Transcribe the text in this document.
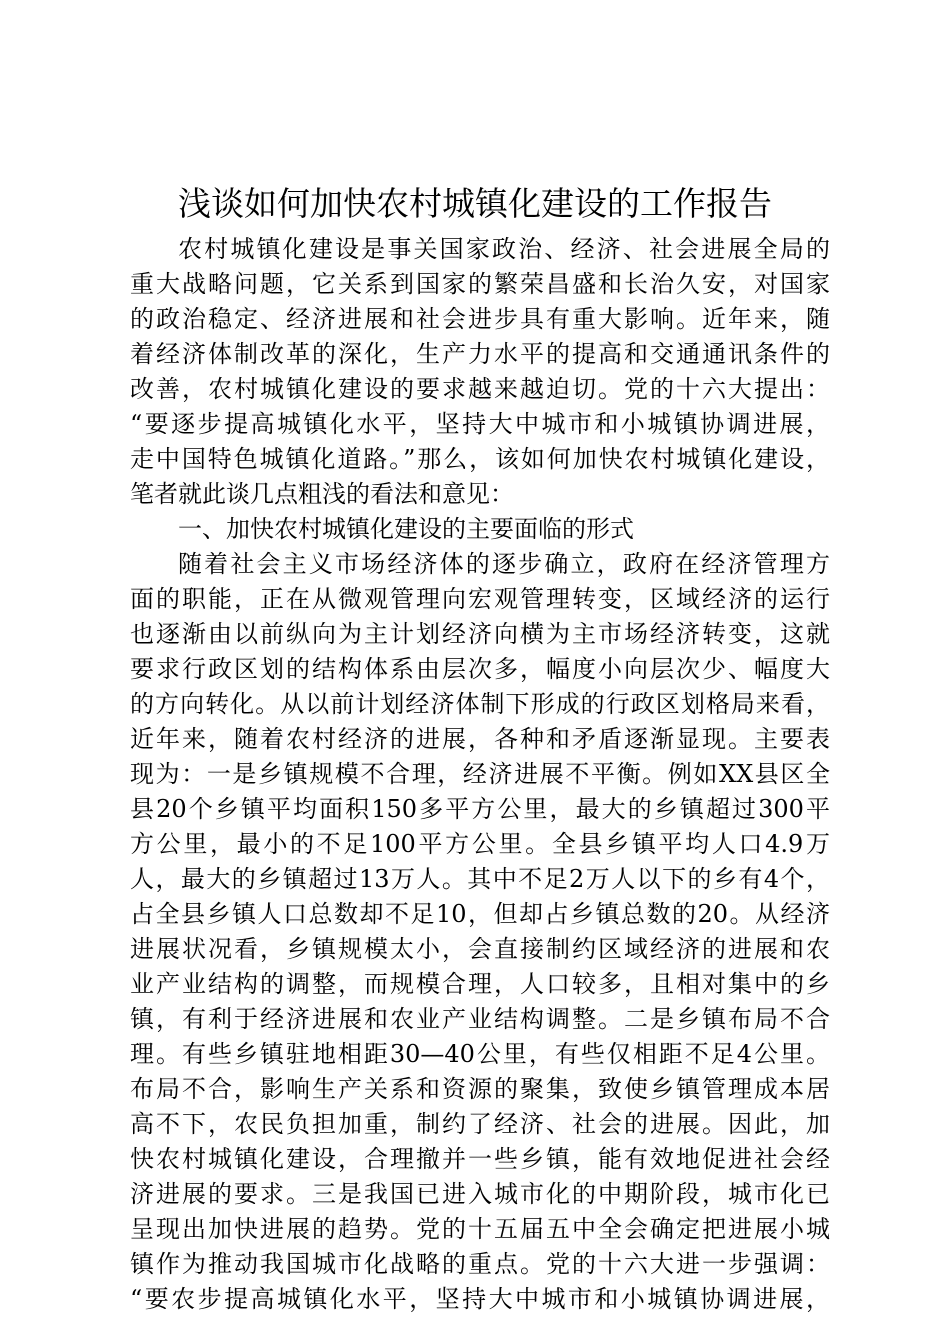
浅谈如何加快农村城镇化建设的工作报告
农村城镇化建设是事关国家政治、经济、社会进展全局的
重大战略问题，它关系到国家的繁荣昌盛和长治久安，对国家
的政治稳定、经济进展和社会进步具有重大影响。近年来，随
着经济体制改革的深化，生产力水平的提高和交通通讯条件的
改善，农村城镇化建设的要求越来越迫切。党的十六大提出：
“要逐步提高城镇化水平，坚持大中城市和小城镇协调进展，
走中国特色城镇化道路。”那么，该如何加快农村城镇化建设，
笔者就此谈几点粗浅的看法和意见：
一、加快农村城镇化建设的主要面临的形式
随着社会主义市场经济体的逐步确立，政府在经济管理方
面的职能，正在从微观管理向宏观管理转变，区域经济的运行
也逐渐由以前纵向为主计划经济向横为主市场经济转变，这就
要求行政区划的结构体系由层次多，幅度小向层次少、幅度大
的方向转化。从以前计划经济体制下形成的行政区划格局来看，
近年来，随着农村经济的进展，各种和矛盾逐渐显现。主要表
现为：一是乡镇规模不合理，经济进展不平衡。例如XX县区全
县20个乡镇平均面积150多平方公里，最大的乡镇超过300平
方公里，最小的不足100平方公里。全县乡镇平均人口4.9万
人，最大的乡镇超过13万人。其中不足2万人以下的乡有4个，
占全县乡镇人口总数却不足10，但却占乡镇总数的20。从经济
进展状况看，乡镇规模太小，会直接制约区域经济的进展和农
业产业结构的调整，而规模合理，人口较多，且相对集中的乡
镇，有利于经济进展和农业产业结构调整。二是乡镇布局不合
理。有些乡镇驻地相距30—40公里，有些仅相距不足4公里。
布局不合，影响生产关系和资源的聚集，致使乡镇管理成本居
高不下，农民负担加重，制约了经济、社会的进展。因此，加
快农村城镇化建设，合理撤并一些乡镇，能有效地促进社会经
济进展的要求。三是我国已进入城市化的中期阶段，城市化已
呈现出加快进展的趋势。党的十五届五中全会确定把进展小城
镇作为推动我国城市化战略的重点。党的十六大进一步强调：
“要农步提高城镇化水平，坚持大中城市和小城镇协调进展，
